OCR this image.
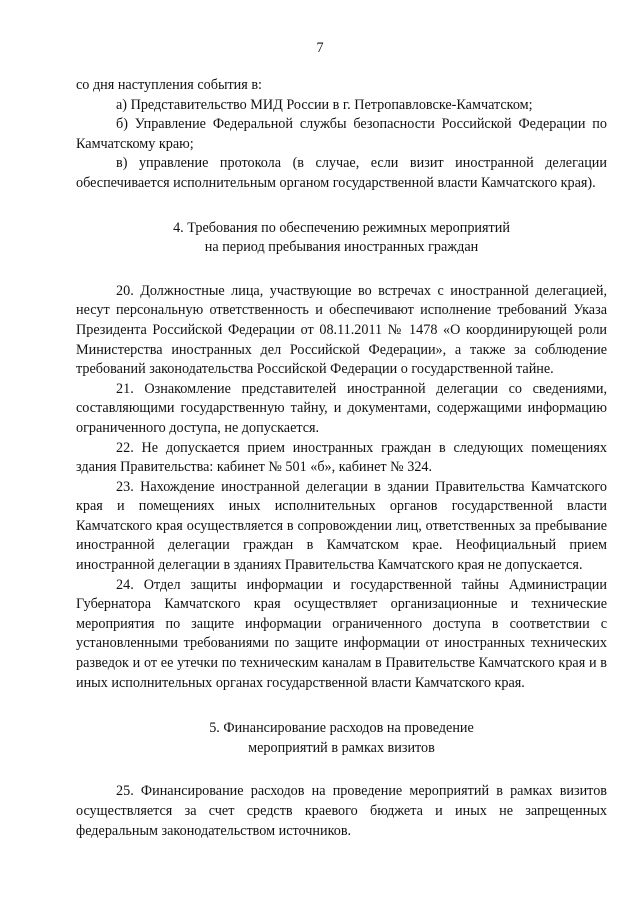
7

со дня наступления события в:

а) Представительство МИД России в г. Петропавловске-Камчатском;

б) Управление Федеральной службы безопасности Российской Федерации по Камчатскому краю;

в) управление протокола (в случае, если визит иностранной делегации обеспечивается исполнительным органом государственной власти Камчатского края).

4. Требования по обеспечению режимных мероприятий

на период пребывания иностранных граждан

20. Должностные лица, участвующие во встречах с иностранной делегацией, несут персональную ответственность и обеспечивают исполнение требований Указа Президента Российской Федерации от 08.11.2011 № 1478 «О координирующей роли Министерства иностранных дел Российской Федерации», а также за соблюдение требований законодательства Российской Федерации о государственной тайне.

21. Ознакомление представителей иностранной делегации со сведениями, составляющими государственную тайну, и документами, содержащими информацию ограниченного доступа, не допускается.

22. Не допускается прием иностранных граждан в следующих помещениях здания Правительства: кабинет № 501 «б», кабинет № 324.

23. Нахождение иностранной делегации в здании Правительства Камчатского края и помещениях иных исполнительных органов государственной власти Камчатского края осуществляется в сопровождении лиц, ответственных за пребывание иностранной делегации граждан в Камчатском крае. Неофициальный прием иностранной делегации в зданиях Правительства Камчатского края не допускается.

24. Отдел защиты информации и государственной тайны Администрации Губернатора Камчатского края осуществляет организационные и технические мероприятия по защите информации ограниченного доступа в соответствии с установленными требованиями по защите информации от иностранных технических разведок и от ее утечки по техническим каналам в Правительстве Камчатского края и в иных исполнительных органах государственной власти Камчатского края.

5. Финансирование расходов на проведение

мероприятий в рамках визитов

25. Финансирование расходов на проведение мероприятий в рамках визитов осуществляется за счет средств краевого бюджета и иных не запрещенных федеральным законодательством источников.
